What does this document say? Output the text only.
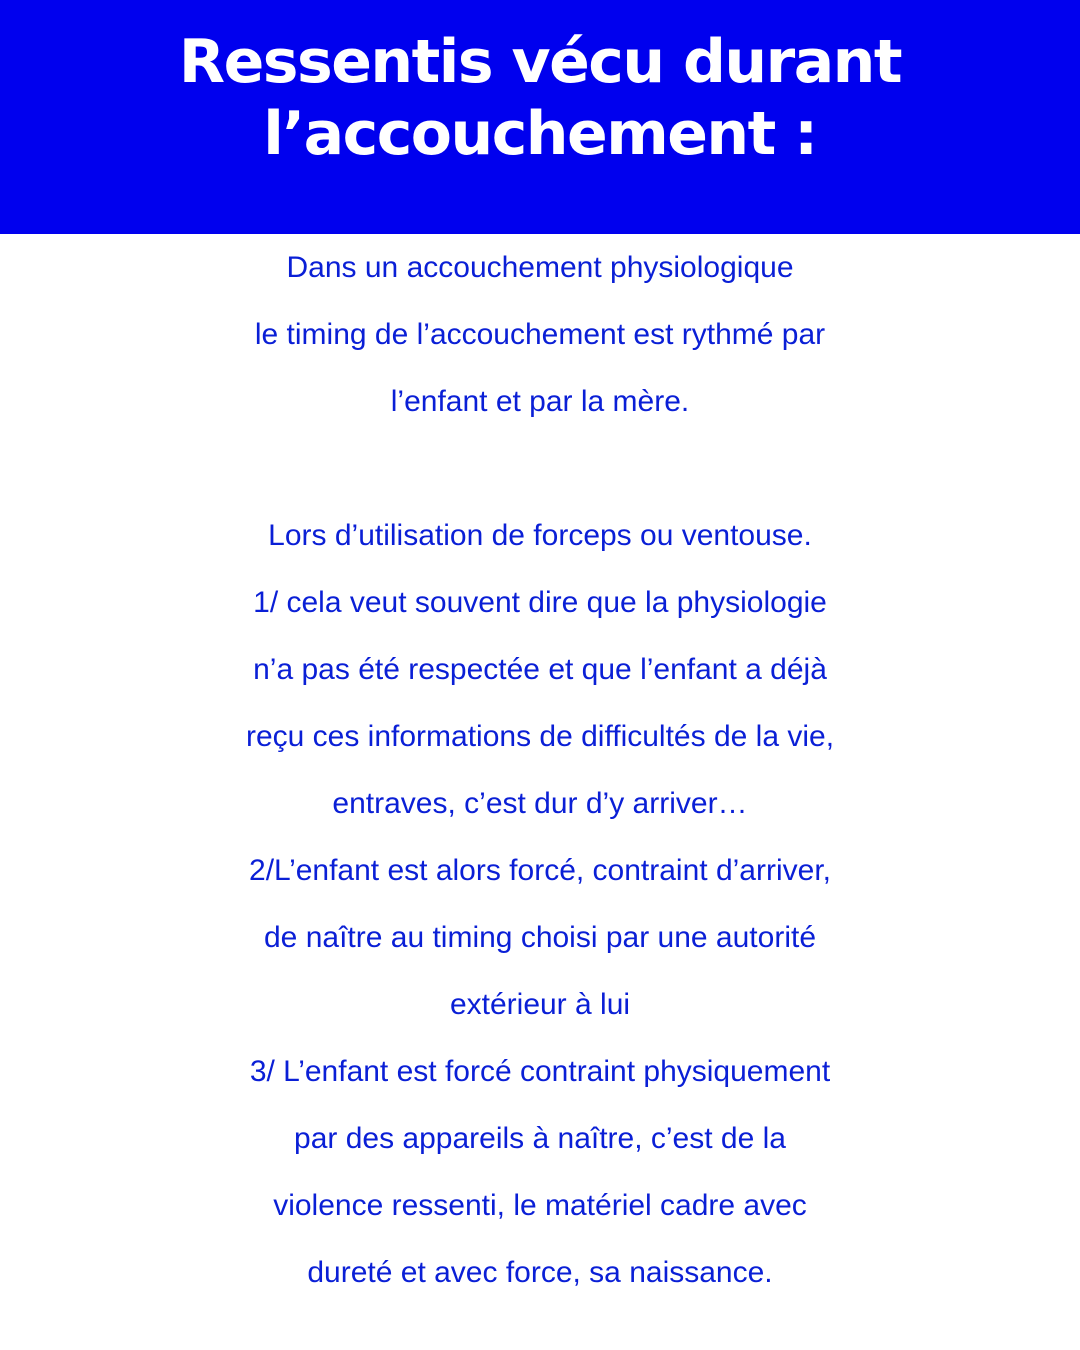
Ressentis vécu durant
l’accouchement :
Dans un accouchement physiologique
le timing de l’accouchement est rythmé par
l’enfant et par la mère.
Lors d’utilisation de forceps ou ventouse.
1/ cela veut souvent dire que la physiologie
n’a pas été respectée et que l’enfant a déjà
reçu ces informations de difficultés de la vie,
entraves, c’est dur d’y arriver…
2/L’enfant est alors forcé, contraint d’arriver,
de naître au timing choisi par une autorité
extérieur à lui
3/ L’enfant est forcé contraint physiquement
par des appareils à naître, c’est de la
violence ressenti, le matériel cadre avec
dureté et avec force, sa naissance.
